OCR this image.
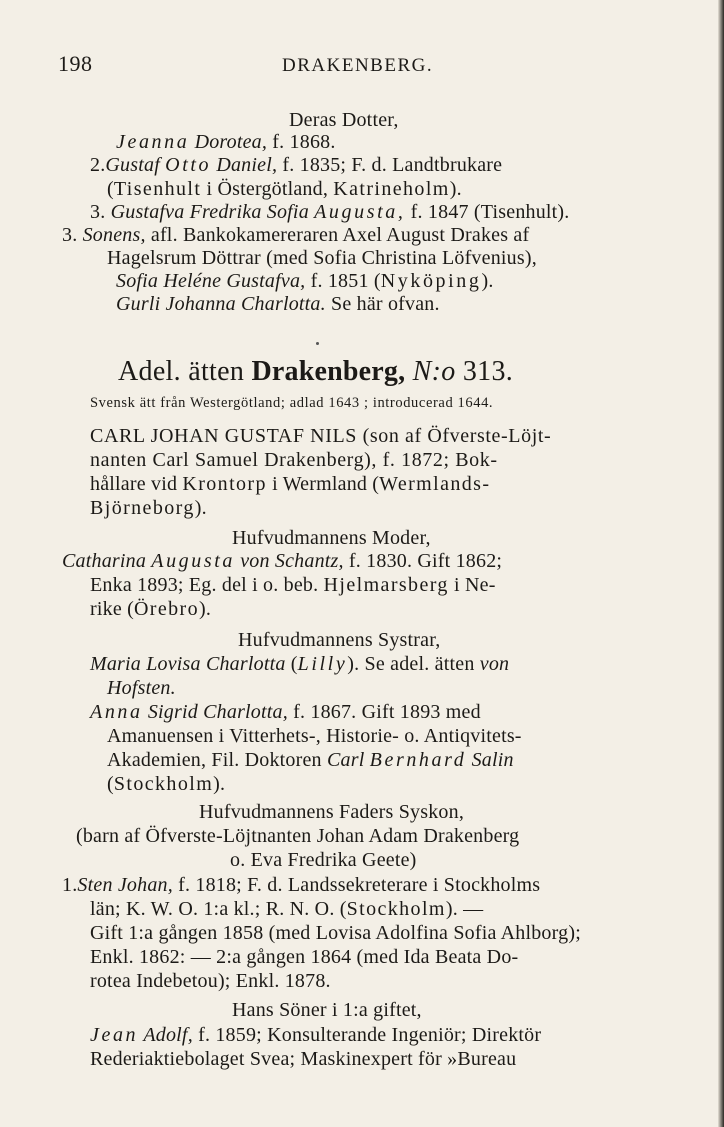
198	DRAKENBERG.
Deras Dotter,
Jeanna Dorotea, f. 1868.
2.Gustaf Otto Daniel, f. 1835; F. d. Landtbrukare
(Tisenhult i Östergötland, Katrineholm).
3. Gustafva Fredrika Sofia Augusta, f. 1847 (Tisenhult).
3. Sonens, afl. Bankokamereraren Axel August Drakes af
Hagelsrum Döttrar (med Sofia Christina Löfvenius),
Sofia Heléne Gustafva, f. 1851 (Nyköping).
Gurli Johanna Charlotta. Se här ofvan.
Adel. ätten Drakenberg, N:o 313.
Svensk ätt från Westergötland; adlad 1643 ; introducerad 1644.
CARL JOHAN GUSTAF NILS (son af Öfverste-Löjt-
nanten Carl Samuel Drakenberg), f. 1872; Bok-
hållare vid Krontorp i Wermland (Wermlands-
Björneborg).
Hufvudmannens Moder,
Catharina Augusta von Schantz, f. 1830. Gift 1862;
Enka 1893; Eg. del i o. beb. Hjelmarsberg i Ne-
rike (Örebro).
Hufvudmannens Systrar,
Maria Lovisa Charlotta (Lilly). Se adel. ätten von
Hofsten.
Anna Sigrid Charlotta, f. 1867. Gift 1893 med
Amanuensen i Vitterhets-, Historie- o. Antiqvitets-
Akademien, Fil. Doktoren Carl Bernhard Salin
(Stockholm).
Hufvudmannens Faders Syskon,
(barn af Öfverste-Löjtnanten Johan Adam Drakenberg
o. Eva Fredrika Geete)
1.Sten Johan, f. 1818; F. d. Landssekreterare i Stockholms
län; K. W. O. 1:a kl.; R. N. O. (Stockholm). —
Gift 1:a gången 1858 (med Lovisa Adolfina Sofia Ahlborg);
Enkl. 1862: — 2:a gången 1864 (med Ida Beata Do-
rotea Indebetou); Enkl. 1878.
Hans Söner i 1:a giftet,
Jean Adolf, f. 1859; Konsulterande Ingeniör; Direktör
Rederiaktiebolaget Svea; Maskinexpert för »Bureau
